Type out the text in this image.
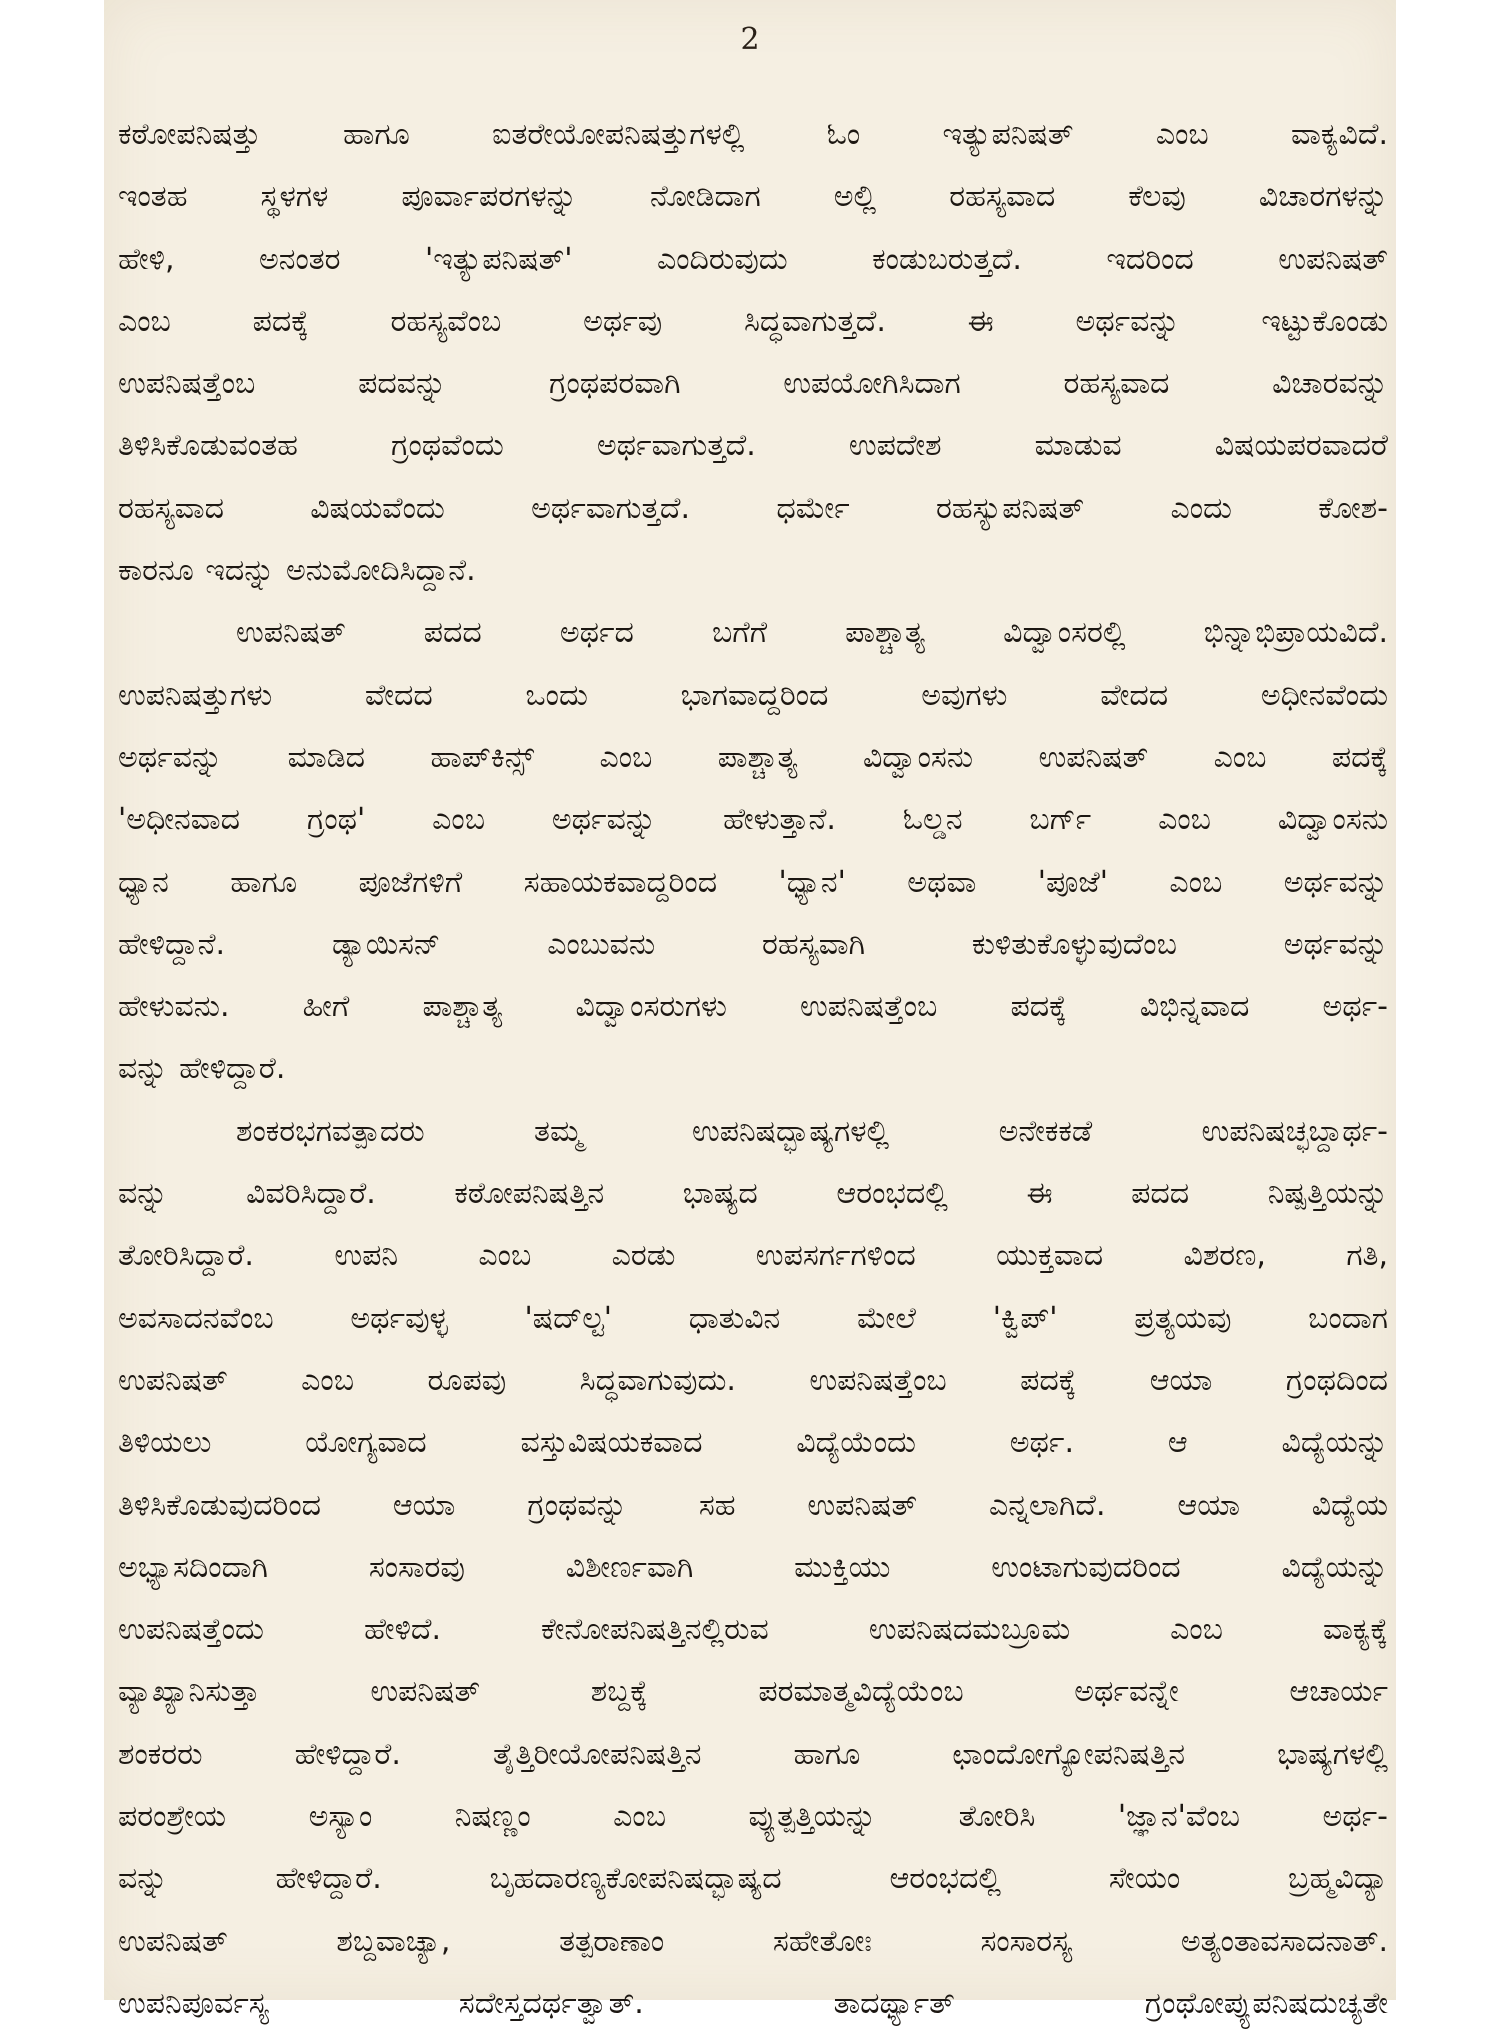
2
ಕಠೋಪನಿಷತ್ತು ಹಾಗೂ ಐತರೇಯೋಪನಿಷತ್ತುಗಳಲ್ಲಿ ಓಂ ಇತ್ಯುಪನಿಷತ್ ಎಂಬ ವಾಕ್ಯವಿದೆ.
ಇಂತಹ ಸ್ಥಳಗಳ ಪೂರ್ವಾಪರಗಳನ್ನು ನೋಡಿದಾಗ ಅಲ್ಲಿ ರಹಸ್ಯವಾದ ಕೆಲವು ವಿಚಾರಗಳನ್ನು
ಹೇಳಿ, ಅನಂತರ 'ಇತ್ಯುಪನಿಷತ್' ಎಂದಿರುವುದು ಕಂಡುಬರುತ್ತದೆ. ಇದರಿಂದ ಉಪನಿಷತ್
ಎಂಬ ಪದಕ್ಕೆ ರಹಸ್ಯವೆಂಬ ಅರ್ಥವು ಸಿದ್ಧವಾಗುತ್ತದೆ. ಈ ಅರ್ಥವನ್ನು ಇಟ್ಟುಕೊಂಡು
ಉಪನಿಷತ್ತೆಂಬ ಪದವನ್ನು ಗ್ರಂಥಪರವಾಗಿ ಉಪಯೋಗಿಸಿದಾಗ ರಹಸ್ಯವಾದ ವಿಚಾರವನ್ನು
ತಿಳಿಸಿಕೊಡುವಂತಹ ಗ್ರಂಥವೆಂದು ಅರ್ಥವಾಗುತ್ತದೆ. ಉಪದೇಶ ಮಾಡುವ ವಿಷಯಪರವಾದರೆ
ರಹಸ್ಯವಾದ ವಿಷಯವೆಂದು ಅರ್ಥವಾಗುತ್ತದೆ. ಧರ್ಮೇ ರಹಸ್ಯುಪನಿಷತ್ ಎಂದು ಕೋಶ-
ಕಾರನೂ ಇದನ್ನು ಅನುಮೋದಿಸಿದ್ದಾನೆ.
ಉಪನಿಷತ್ ಪದದ ಅರ್ಥದ ಬಗೆಗೆ ಪಾಶ್ಚಾತ್ಯ ವಿದ್ವಾಂಸರಲ್ಲಿ ಭಿನ್ನಾಭಿಪ್ರಾಯವಿದೆ.
ಉಪನಿಷತ್ತುಗಳು ವೇದದ ಒಂದು ಭಾಗವಾದ್ದರಿಂದ ಅವುಗಳು ವೇದದ ಅಧೀನವೆಂದು
ಅರ್ಥವನ್ನು ಮಾಡಿದ ಹಾಪ್‌ಕಿನ್ಸ್ ಎಂಬ ಪಾಶ್ಚಾತ್ಯ ವಿದ್ವಾಂಸನು ಉಪನಿಷತ್ ಎಂಬ ಪದಕ್ಕೆ
'ಅಧೀನವಾದ ಗ್ರಂಥ' ಎಂಬ ಅರ್ಥವನ್ನು ಹೇಳುತ್ತಾನೆ. ಓಲ್ಡನ ಬರ್ಗ್ ಎಂಬ ವಿದ್ವಾಂಸನು
ಧ್ಯಾನ ಹಾಗೂ ಪೂಜೆಗಳಿಗೆ ಸಹಾಯಕವಾದ್ದರಿಂದ 'ಧ್ಯಾನ' ಅಥವಾ 'ಪೂಜೆ' ಎಂಬ ಅರ್ಥವನ್ನು
ಹೇಳಿದ್ದಾನೆ. ಡ್ಯಾಯಿಸನ್ ಎಂಬುವನು ರಹಸ್ಯವಾಗಿ ಕುಳಿತುಕೊಳ್ಳುವುದೆಂಬ ಅರ್ಥವನ್ನು
ಹೇಳುವನು. ಹೀಗೆ ಪಾಶ್ಚಾತ್ಯ ವಿದ್ವಾಂಸರುಗಳು ಉಪನಿಷತ್ತೆಂಬ ಪದಕ್ಕೆ ವಿಭಿನ್ನವಾದ ಅರ್ಥ-
ವನ್ನು ಹೇಳಿದ್ದಾರೆ.
ಶಂಕರಭಗವತ್ಪಾದರು ತಮ್ಮ ಉಪನಿಷದ್ಭಾಷ್ಯಗಳಲ್ಲಿ ಅನೇಕಕಡೆ ಉಪನಿಷಚ್ಛಬ್ದಾರ್ಥ-
ವನ್ನು ವಿವರಿಸಿದ್ದಾರೆ. ಕಠೋಪನಿಷತ್ತಿನ ಭಾಷ್ಯದ ಆರಂಭದಲ್ಲಿ ಈ ಪದದ ನಿಷ್ಪತ್ತಿಯನ್ನು
ತೋರಿಸಿದ್ದಾರೆ. ಉಪನಿ ಎಂಬ ಎರಡು ಉಪಸರ್ಗಗಳಿಂದ ಯುಕ್ತವಾದ ವಿಶರಣ, ಗತಿ,
ಅವಸಾದನವೆಂಬ ಅರ್ಥವುಳ್ಳ 'ಷದ್‌ಲ್ಟ' ಧಾತುವಿನ ಮೇಲೆ 'ಕ್ವಿಪ್' ಪ್ರತ್ಯಯವು ಬಂದಾಗ
ಉಪನಿಷತ್ ಎಂಬ ರೂಪವು ಸಿದ್ಧವಾಗುವುದು. ಉಪನಿಷತ್ತೆಂಬ ಪದಕ್ಕೆ ಆಯಾ ಗ್ರಂಥದಿಂದ
ತಿಳಿಯಲು ಯೋಗ್ಯವಾದ ವಸ್ತುವಿಷಯಕವಾದ ವಿದ್ಯೆಯೆಂದು ಅರ್ಥ. ಆ ವಿದ್ಯೆಯನ್ನು
ತಿಳಿಸಿಕೊಡುವುದರಿಂದ ಆಯಾ ಗ್ರಂಥವನ್ನು ಸಹ ಉಪನಿಷತ್ ಎನ್ನಲಾಗಿದೆ. ಆಯಾ ವಿದ್ಯೆಯ
ಅಭ್ಯಾಸದಿಂದಾಗಿ ಸಂಸಾರವು ವಿಶೀರ್ಣವಾಗಿ ಮುಕ್ತಿಯು ಉಂಟಾಗುವುದರಿಂದ ವಿದ್ಯೆಯನ್ನು
ಉಪನಿಷತ್ತೆಂದು ಹೇಳಿದೆ. ಕೇನೋಪನಿಷತ್ತಿನಲ್ಲಿರುವ ಉಪನಿಷದಮಬ್ರೂಮ ಎಂಬ ವಾಕ್ಯಕ್ಕೆ
ವ್ಯಾಖ್ಯಾನಿಸುತ್ತಾ ಉಪನಿಷತ್ ಶಬ್ದಕ್ಕೆ ಪರಮಾತ್ಮವಿದ್ಯೆಯೆಂಬ ಅರ್ಥವನ್ನೇ ಆಚಾರ್ಯ
ಶಂಕರರು ಹೇಳಿದ್ದಾರೆ. ತೈತ್ತಿರೀಯೋಪನಿಷತ್ತಿನ ಹಾಗೂ ಛಾಂದೋಗ್ಯೋಪನಿಷತ್ತಿನ ಭಾಷ್ಯಗಳಲ್ಲಿ
ಪರಂಶ್ರೇಯ ಅಸ್ಯಾಂ ನಿಷಣ್ಣಂ ಎಂಬ ವ್ಯುತ್ಪತ್ತಿಯನ್ನು ತೋರಿಸಿ 'ಜ್ಞಾನ'ವೆಂಬ ಅರ್ಥ-
ವನ್ನು ಹೇಳಿದ್ದಾರೆ. ಬೃಹದಾರಣ್ಯಕೋಪನಿಷದ್ಭಾಷ್ಯದ ಆರಂಭದಲ್ಲಿ ಸೇಯಂ ಬ್ರಹ್ಮವಿದ್ಯಾ
ಉಪನಿಷತ್ ಶಬ್ದವಾಚ್ಯಾ, ತತ್ಪರಾಣಾಂ ಸಹೇತೋಃ ಸಂಸಾರಸ್ಯ ಅತ್ಯಂತಾವಸಾದನಾತ್.
ಉಪನಿಪೂರ್ವಸ್ಯ ಸದೇಸ್ತದರ್ಥತ್ವಾತ್. ತಾದರ್ಥ್ಯಾತ್ ಗ್ರಂಥೋಪ್ಯುಪನಿಷದುಚ್ಯತೇ
